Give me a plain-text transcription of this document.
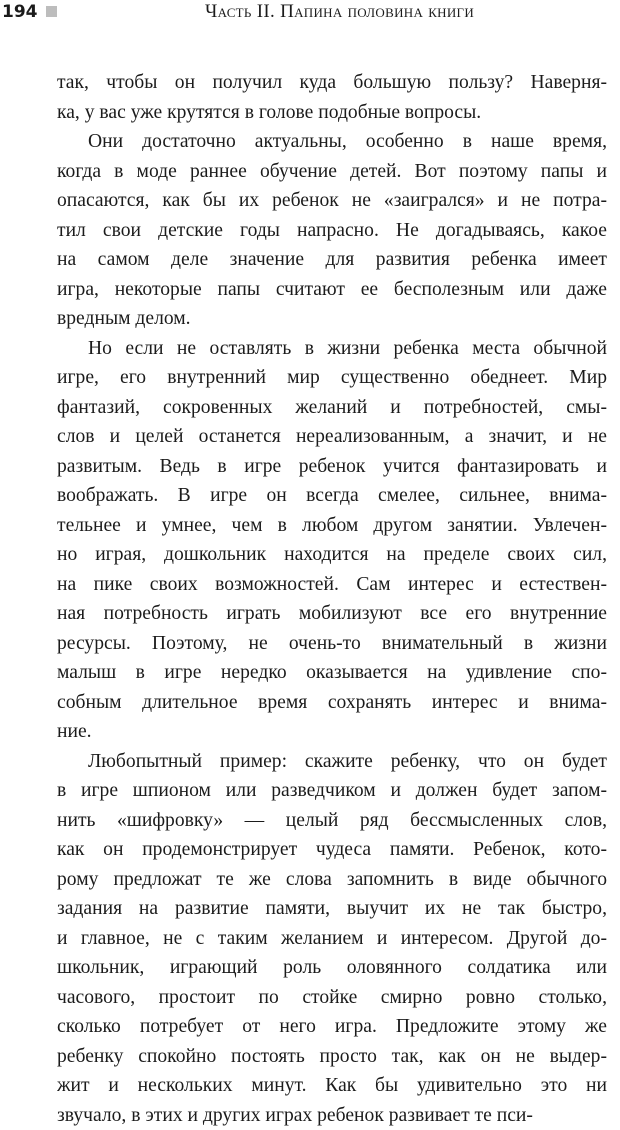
194	Часть II. Папина половина книги
так, чтобы он получил куда большую пользу? Наверня-
ка, у вас уже крутятся в голове подобные вопросы.
Они достаточно актуальны, особенно в наше время,
когда в моде раннее обучение детей. Вот поэтому папы и
опасаются, как бы их ребенок не «заигрался» и не потра-
тил свои детские годы напрасно. Не догадываясь, какое
на самом деле значение для развития ребенка имеет
игра, некоторые папы считают ее бесполезным или даже
вредным делом.
Но если не оставлять в жизни ребенка места обычной
игре, его внутренний мир существенно обеднеет. Мир
фантазий, сокровенных желаний и потребностей, смы-
слов и целей останется нереализованным, а значит, и не
развитым. Ведь в игре ребенок учится фантазировать и
воображать. В игре он всегда смелее, сильнее, внима-
тельнее и умнее, чем в любом другом занятии. Увлечен-
но играя, дошкольник находится на пределе своих сил,
на пике своих возможностей. Сам интерес и естествен-
ная потребность играть мобилизуют все его внутренние
ресурсы. Поэтому, не очень-то внимательный в жизни
малыш в игре нередко оказывается на удивление спо-
собным длительное время сохранять интерес и внима-
ние.
Любопытный пример: скажите ребенку, что он будет
в игре шпионом или разведчиком и должен будет запом-
нить «шифровку» — целый ряд бессмысленных слов,
как он продемонстрирует чудеса памяти. Ребенок, кото-
рому предложат те же слова запомнить в виде обычного
задания на развитие памяти, выучит их не так быстро,
и главное, не с таким желанием и интересом. Другой до-
школьник, играющий роль оловянного солдатика или
часового, простоит по стойке смирно ровно столько,
сколько потребует от него игра. Предложите этому же
ребенку спокойно постоять просто так, как он не выдер-
жит и нескольких минут. Как бы удивительно это ни
звучало, в этих и других играх ребенок развивает те пси-
